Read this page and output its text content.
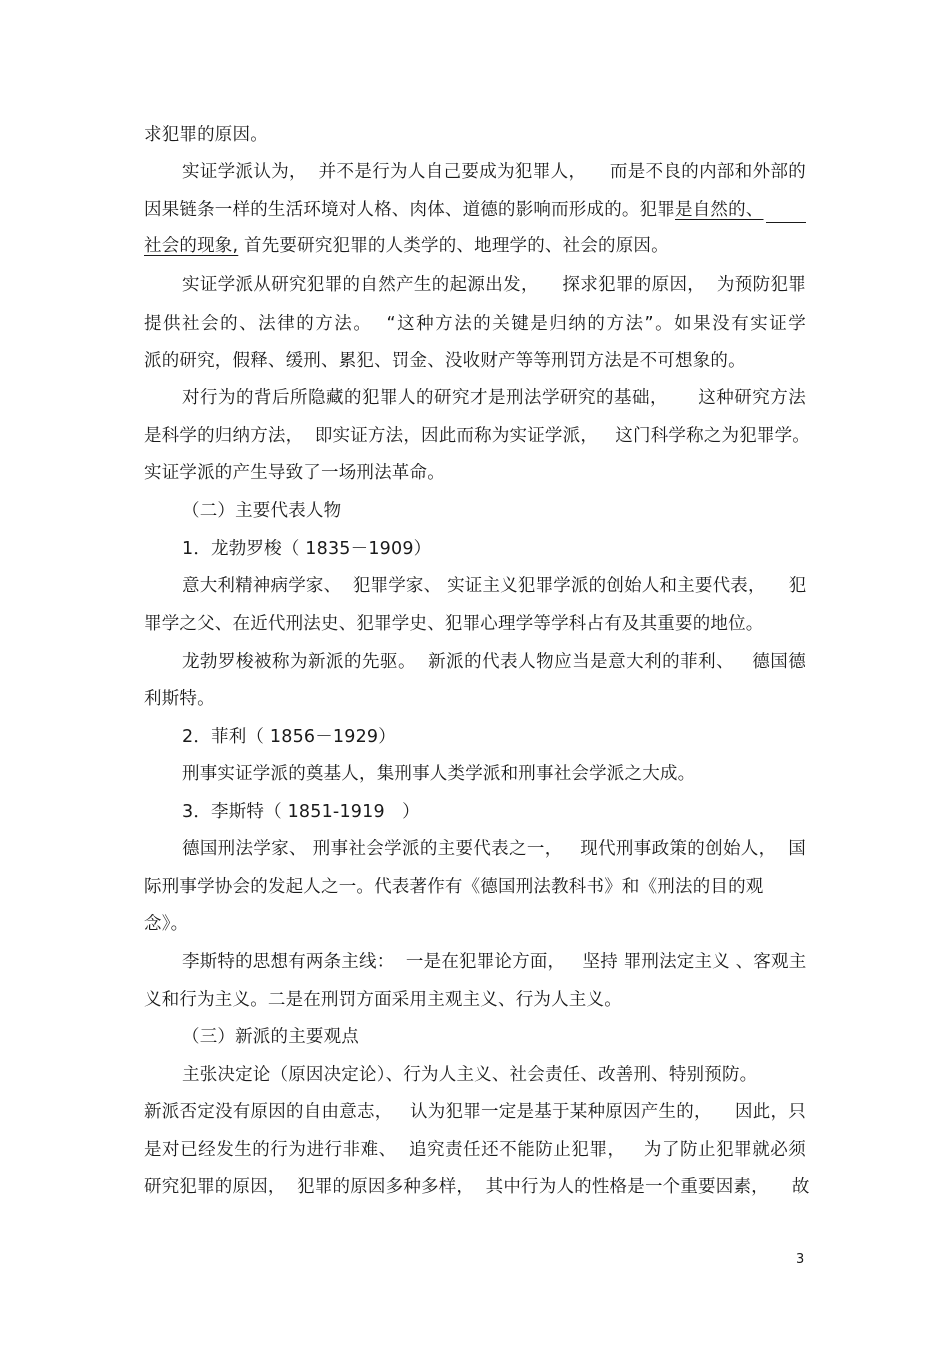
求犯罪的原因。
实证学派认为，  并不是行为人自己要成为犯罪人，    而是不良的内部和外部的
因果链条一样的生活环境对人格、肉体、道德的影响而形成的。犯罪是自然的、
社会的现象, 首先要研究犯罪的人类学的、地理学的、社会的原因。
实证学派从研究犯罪的自然产生的起源出发，    探求犯罪的原因，  为预防犯罪
提供社会的、法律的方法。  “这种方法的关键是归纳的方法”。如果没有实证学
派的研究，假释、缓刑、累犯、罚金、没收财产等等刑罚方法是不可想象的。
对行为的背后所隐藏的犯罪人的研究才是刑法学研究的基础，     这种研究方法
是科学的归纳方法，  即实证方法，因此而称为实证学派，   这门科学称之为犯罪学。
实证学派的产生导致了一场刑法革命。
（二）主要代表人物
1．龙勃罗梭（ 1835－1909）
意大利精神病学家、  犯罪学家、 实证主义犯罪学派的创始人和主要代表，    犯
罪学之父、在近代刑法史、犯罪学史、犯罪心理学等学科占有及其重要的地位。
龙勃罗梭被称为新派的先驱。  新派的代表人物应当是意大利的菲利、   德国德
利斯特。
2．菲利（ 1856－1929）
刑事实证学派的奠基人，集刑事人类学派和刑事社会学派之大成。
3．李斯特（ 1851-1919   ）
德国刑法学家、 刑事社会学派的主要代表之一，   现代刑事政策的创始人，  国
际刑事学协会的发起人之一。代表著作有《德国刑法教科书》和《刑法的目的观
念》。
李斯特的思想有两条主线：  一是在犯罪论方面，   坚持 罪刑法定主义 、客观主
义和行为主义。二是在刑罚方面采用主观主义、行为人主义。
（三）新派的主要观点
主张决定论（原因决定论）、行为人主义、社会责任、改善刑、特别预防。
新派否定没有原因的自由意志，   认为犯罪一定是基于某种原因产生的，    因此，只
是对已经发生的行为进行非难、  追究责任还不能防止犯罪，   为了防止犯罪就必须
研究犯罪的原因，  犯罪的原因多种多样，  其中行为人的性格是一个重要因素，    故
3
